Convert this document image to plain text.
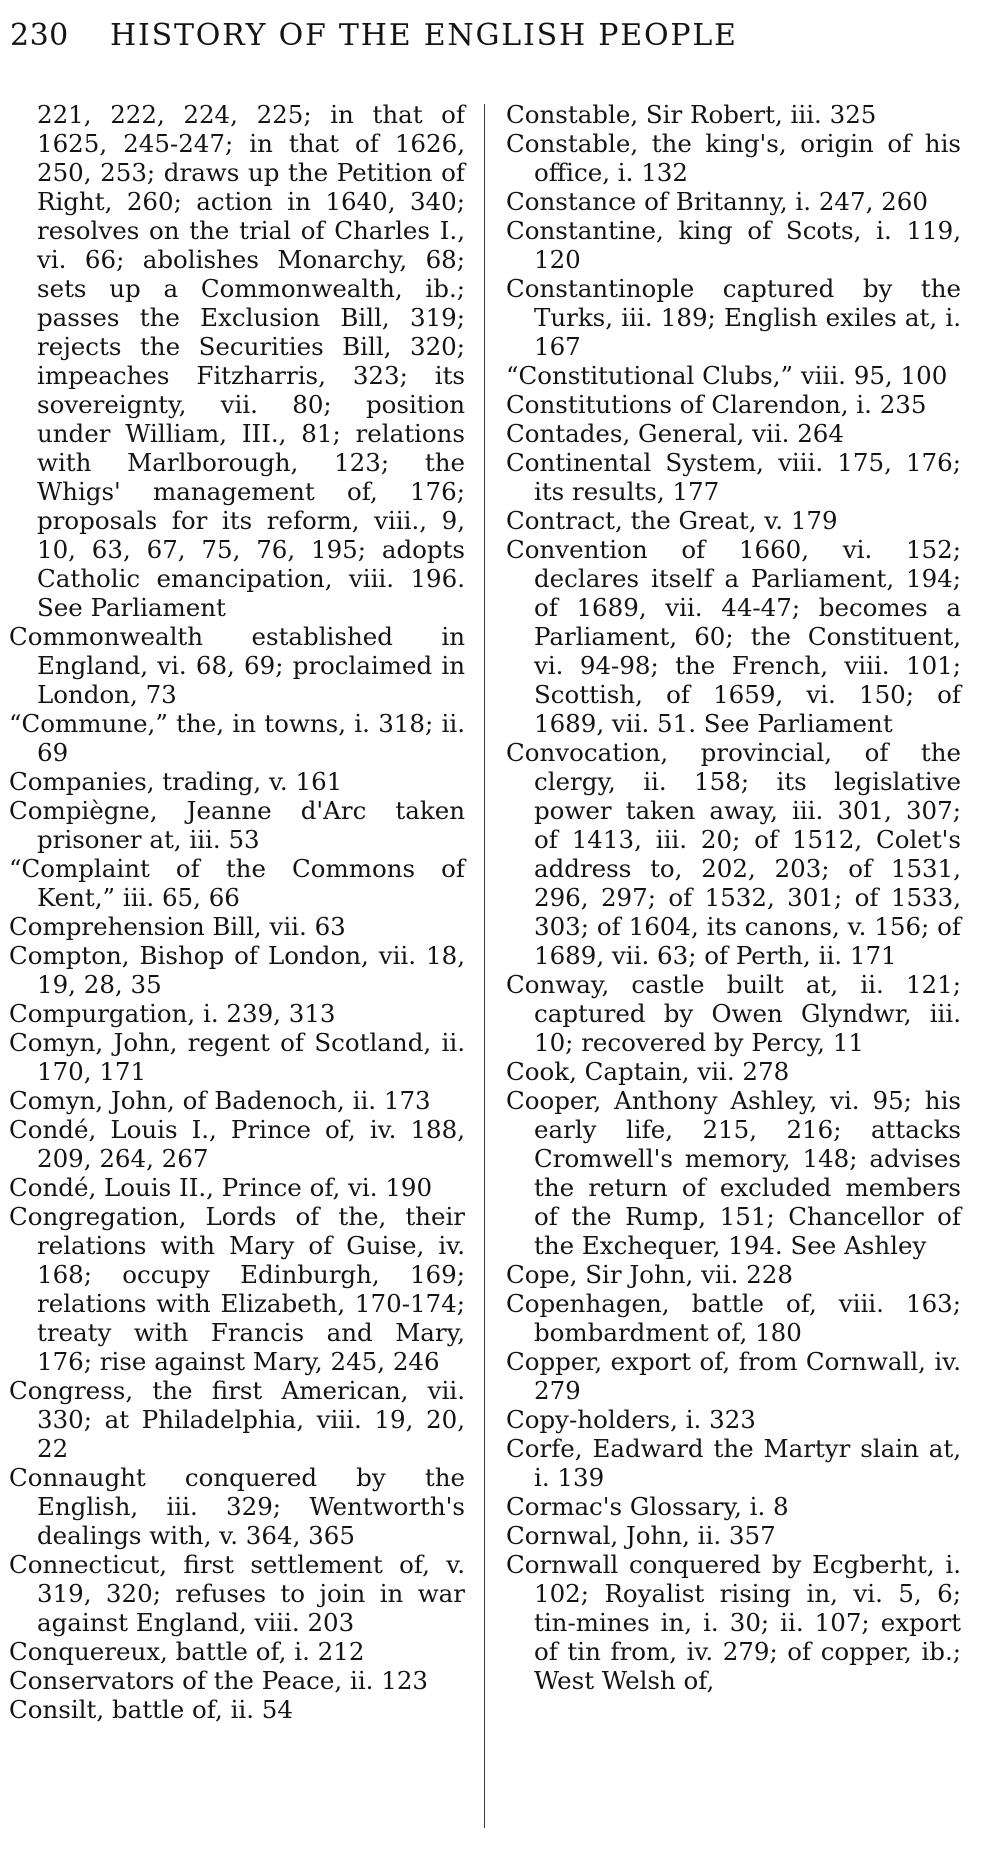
230	HISTORY OF THE ENGLISH PEOPLE
221, 222, 224, 225; in that of 1625, 245-247; in that of 1626, 250, 253; draws up the Petition of Right, 260; action in 1640, 340; resolves on the trial of Charles I., vi. 66; abolishes Monarchy, 68; sets up a Commonwealth, ib.; passes the Exclusion Bill, 319; rejects the Securities Bill, 320; impeaches Fitzharris, 323; its sovereignty, vii. 80; position under William, III., 81; relations with Marlborough, 123; the Whigs' management of, 176; proposals for its reform, viii., 9, 10, 63, 67, 75, 76, 195; adopts Catholic emancipation, viii. 196. See Parliament
Commonwealth established in England, vi. 68, 69; proclaimed in London, 73
“Commune,” the, in towns, i. 318; ii. 69
Companies, trading, v. 161
Compiègne, Jeanne d'Arc taken prisoner at, iii. 53
“Complaint of the Commons of Kent,” iii. 65, 66
Comprehension Bill, vii. 63
Compton, Bishop of London, vii. 18, 19, 28, 35
Compurgation, i. 239, 313
Comyn, John, regent of Scotland, ii. 170, 171
Comyn, John, of Badenoch, ii. 173
Condé, Louis I., Prince of, iv. 188, 209, 264, 267
Condé, Louis II., Prince of, vi. 190
Congregation, Lords of the, their relations with Mary of Guise, iv. 168; occupy Edinburgh, 169; relations with Elizabeth, 170-174; treaty with Francis and Mary, 176; rise against Mary, 245, 246
Congress, the first American, vii. 330; at Philadelphia, viii. 19, 20, 22
Connaught conquered by the English, iii. 329; Wentworth's dealings with, v. 364, 365
Connecticut, first settlement of, v. 319, 320; refuses to join in war against England, viii. 203
Conquereux, battle of, i. 212
Conservators of the Peace, ii. 123
Consilt, battle of, ii. 54
Constable, Sir Robert, iii. 325
Constable, the king's, origin of his office, i. 132
Constance of Britanny, i. 247, 260
Constantine, king of Scots, i. 119, 120
Constantinople captured by the Turks, iii. 189; English exiles at, i. 167
“Constitutional Clubs,” viii. 95, 100
Constitutions of Clarendon, i. 235
Contades, General, vii. 264
Continental System, viii. 175, 176; its results, 177
Contract, the Great, v. 179
Convention of 1660, vi. 152; declares itself a Parliament, 194; of 1689, vii. 44-47; becomes a Parliament, 60; the Constituent, vi. 94-98; the French, viii. 101; Scottish, of 1659, vi. 150; of 1689, vii. 51. See Parliament
Convocation, provincial, of the clergy, ii. 158; its legislative power taken away, iii. 301, 307; of 1413, iii. 20; of 1512, Colet's address to, 202, 203; of 1531, 296, 297; of 1532, 301; of 1533, 303; of 1604, its canons, v. 156; of 1689, vii. 63; of Perth, ii. 171
Conway, castle built at, ii. 121; captured by Owen Glyndwr, iii. 10; recovered by Percy, 11
Cook, Captain, vii. 278
Cooper, Anthony Ashley, vi. 95; his early life, 215, 216; attacks Cromwell's memory, 148; advises the return of excluded members of the Rump, 151; Chancellor of the Exchequer, 194. See Ashley
Cope, Sir John, vii. 228
Copenhagen, battle of, viii. 163; bombardment of, 180
Copper, export of, from Cornwall, iv. 279
Copy-holders, i. 323
Corfe, Eadward the Martyr slain at, i. 139
Cormac's Glossary, i. 8
Cornwal, John, ii. 357
Cornwall conquered by Ecgberht, i. 102; Royalist rising in, vi. 5, 6; tin-mines in, i. 30; ii. 107; export of tin from, iv. 279; of copper, ib.; West Welsh of,
